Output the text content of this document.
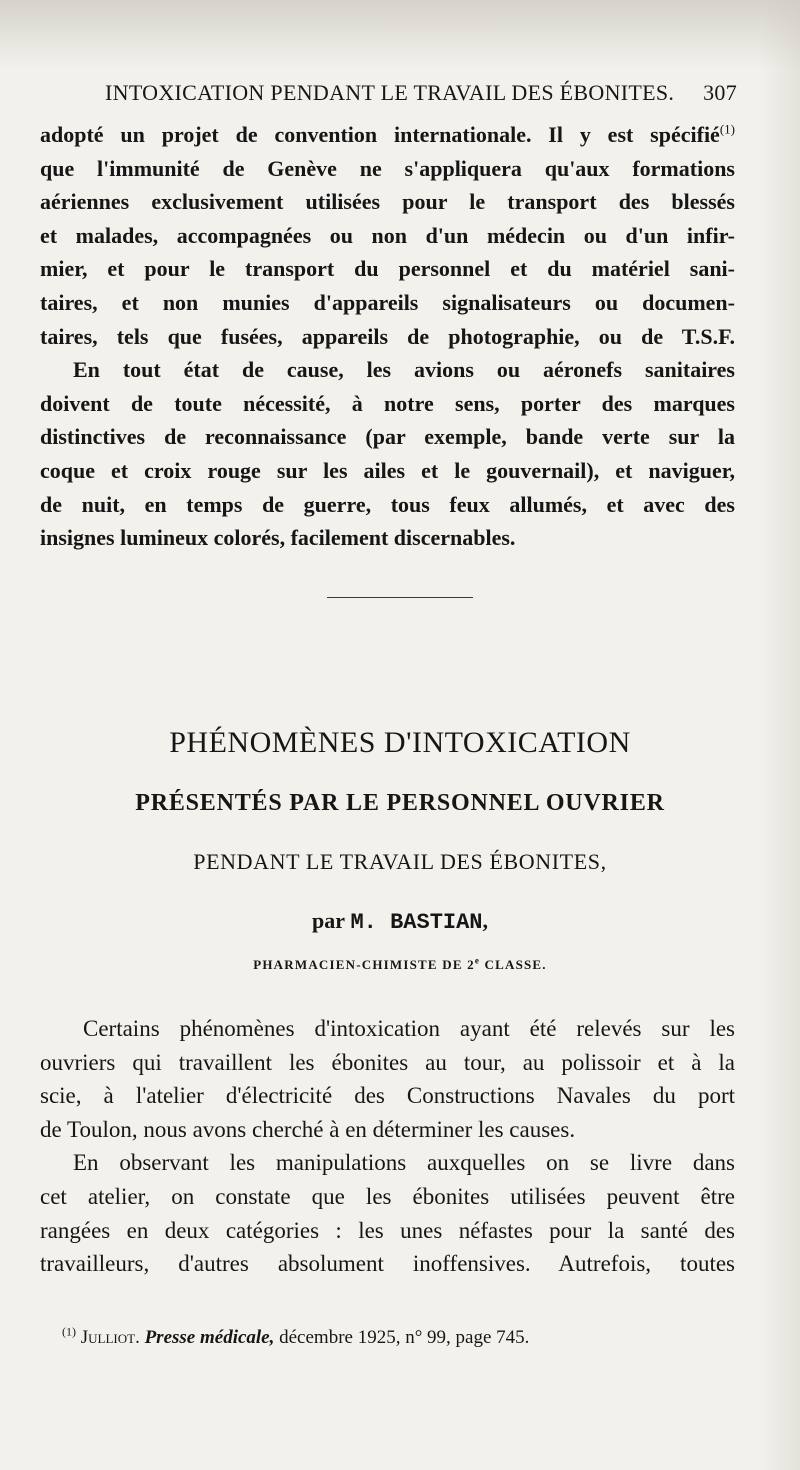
INTOXICATION PENDANT LE TRAVAIL DES ÉBONITES. 307
adopté un projet de convention internationale. Il y est spécifié$^{(1)}$
que l'immunité de Genève ne s'appliquera qu'aux formations
aériennes exclusivement utilisées pour le transport des blessés
et malades, accompagnées ou non d'un médecin ou d'un infir-
mier, et pour le transport du personnel et du matériel sani-
taires, et non munies d'appareils signalisateurs ou documen-
taires, tels que fusées, appareils de photographie, ou de T.S.F.
En tout état de cause, les avions ou aéronefs sanitaires
doivent de toute nécessité, à notre sens, porter des marques
distinctives de reconnaissance (par exemple, bande verte sur la
coque et croix rouge sur les ailes et le gouvernail), et naviguer,
de nuit, en temps de guerre, tous feux allumés, et avec des
insignes lumineux colorés, facilement discernables.
PHÉNOMÈNES D'INTOXICATION
PRÉSENTÉS PAR LE PERSONNEL OUVRIER
PENDANT LE TRAVAIL DES ÉBONITES,
par M. BASTIAN,
PHARMACIEN-CHIMISTE DE 2e CLASSE.
Certains phénomènes d'intoxication ayant été relevés sur les
ouvriers qui travaillent les ébonites au tour, au polissoir et à la
scie, à l'atelier d'électricité des Constructions Navales du port
de Toulon, nous avons cherché à en déterminer les causes.
En observant les manipulations auxquelles on se livre dans
cet atelier, on constate que les ébonites utilisées peuvent être
rangées en deux catégories : les unes néfastes pour la santé des
travailleurs, d'autres absolument inoffensives. Autrefois, toutes
$^{(1)}$ Julliot. Presse médicale, décembre 1925, n° 99, page 745.
